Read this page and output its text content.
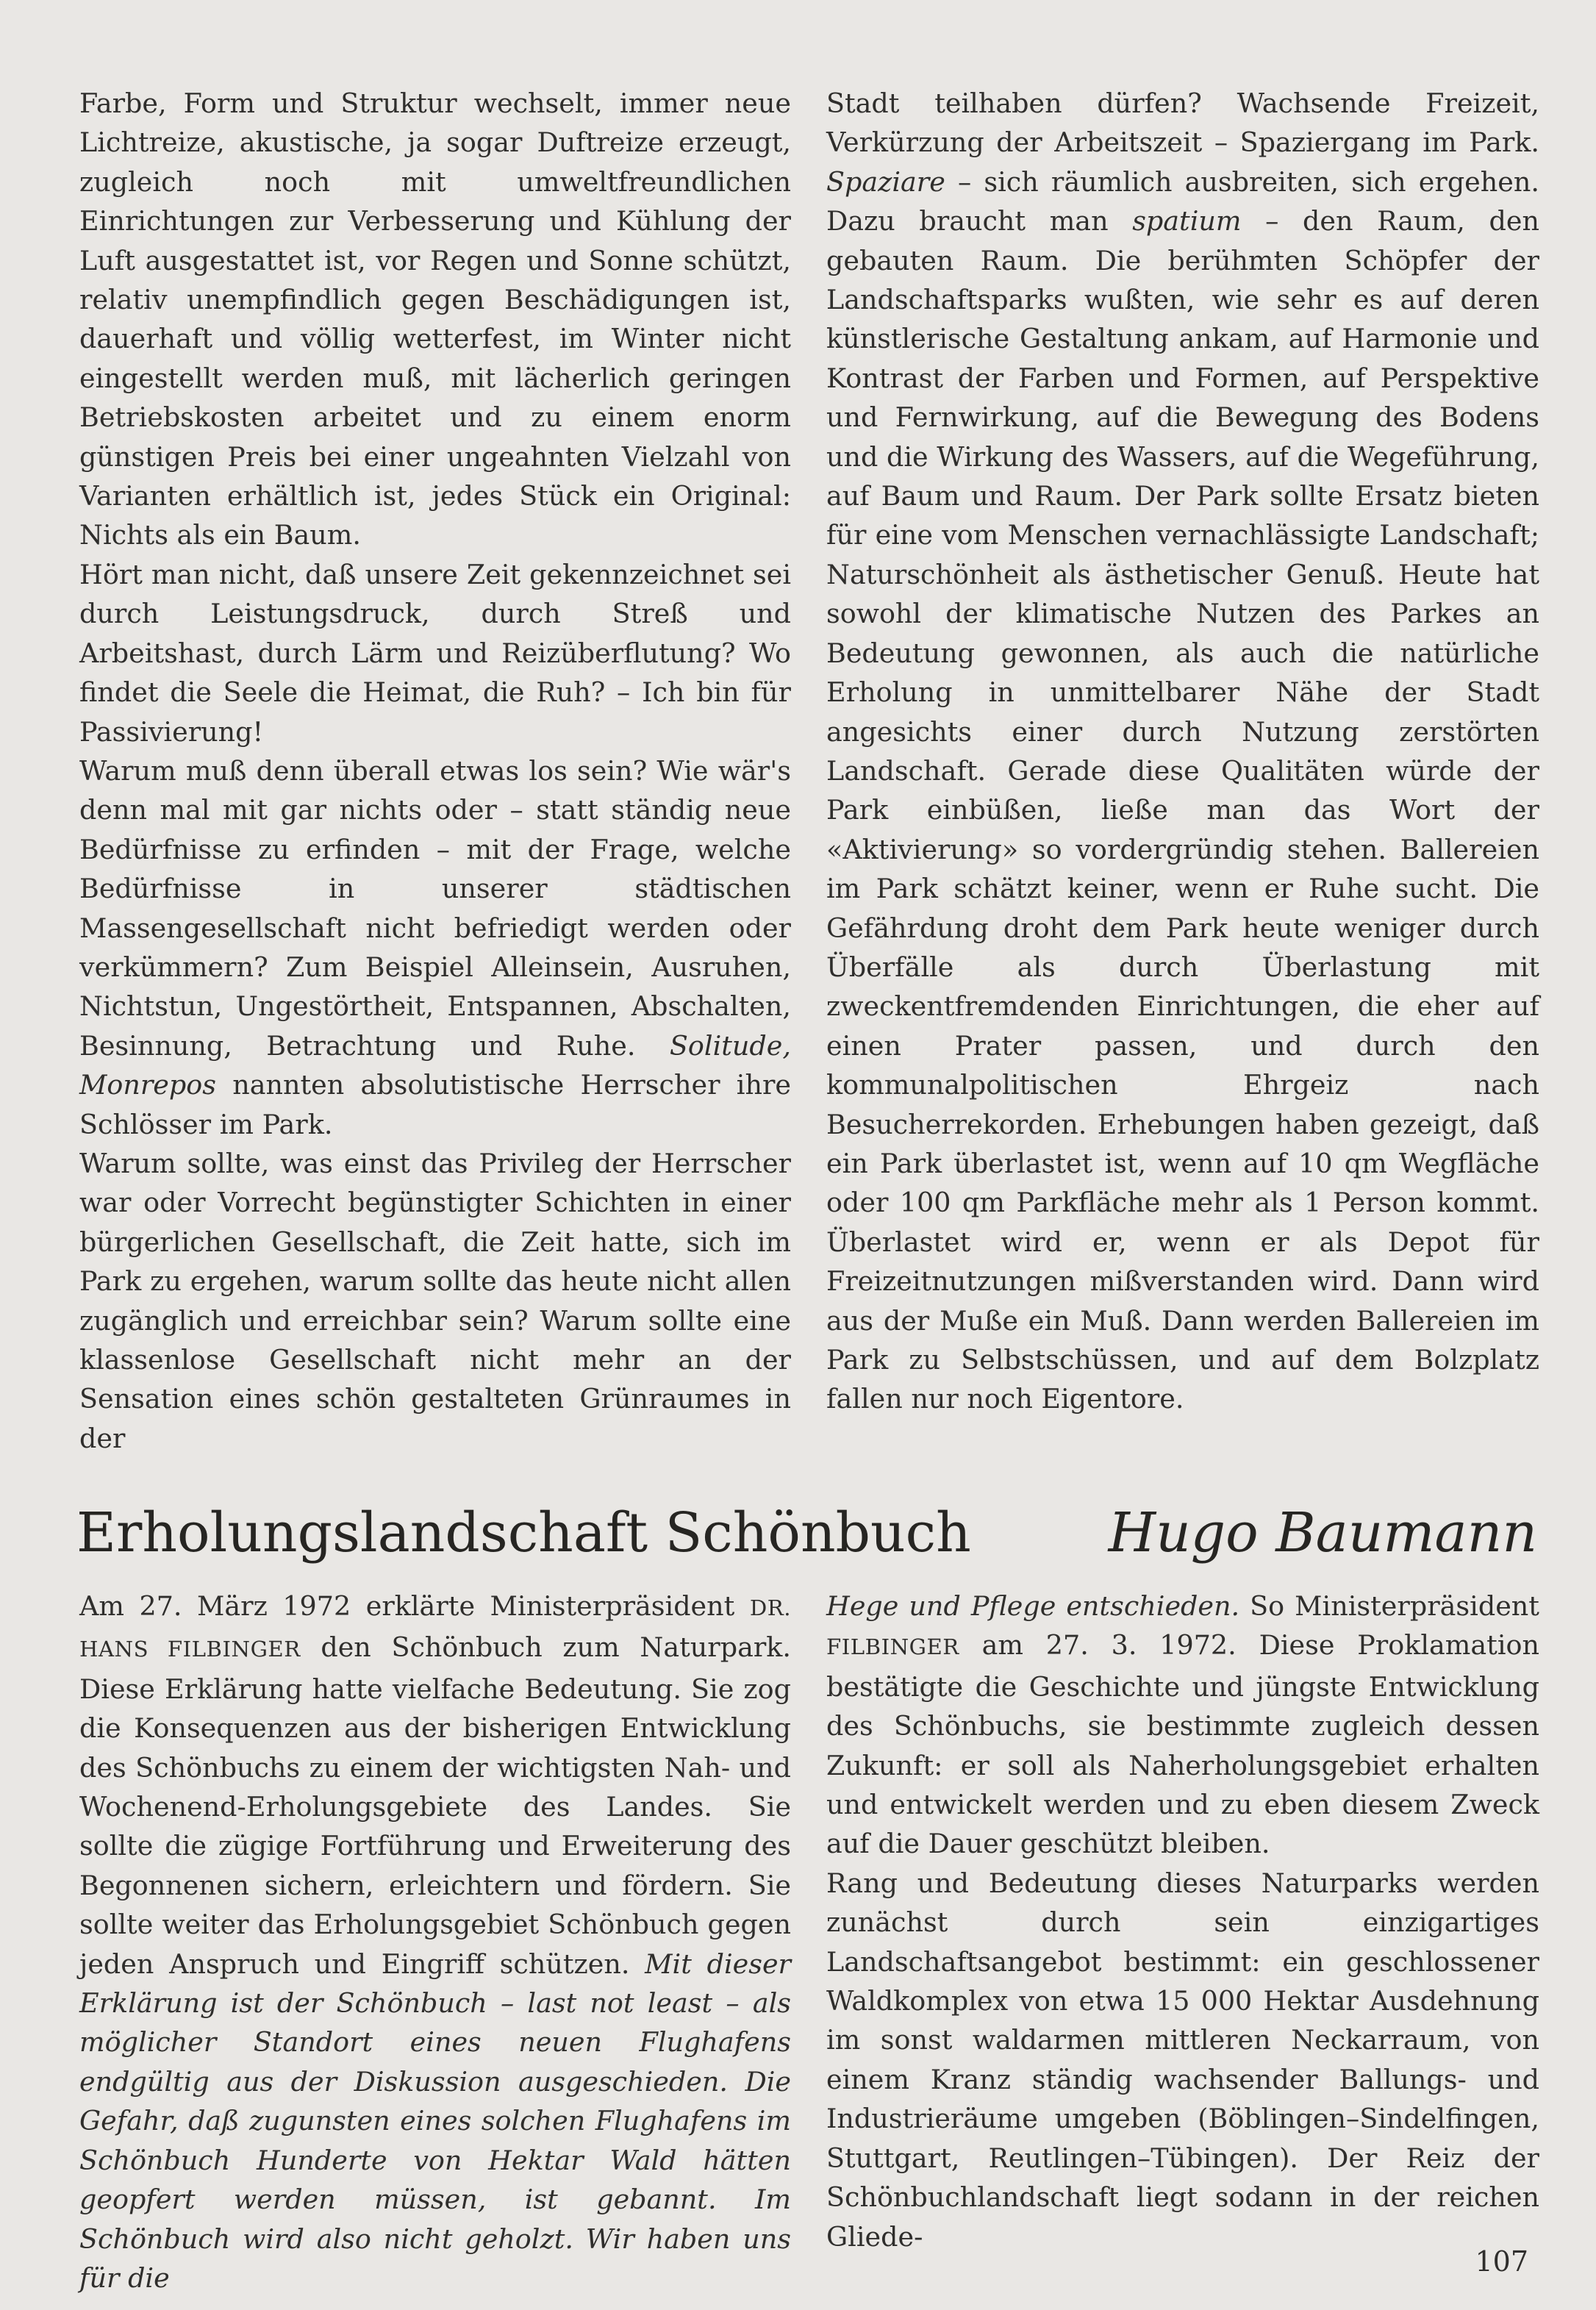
Farbe, Form und Struktur wechselt, immer neue Lichtreize, akustische, ja sogar Duftreize erzeugt, zugleich noch mit umweltfreundlichen Einrichtungen zur Verbesserung und Kühlung der Luft ausgestattet ist, vor Regen und Sonne schützt, relativ unempfindlich gegen Beschädigungen ist, dauerhaft und völlig wetterfest, im Winter nicht eingestellt werden muß, mit lächerlich geringen Betriebskosten arbeitet und zu einem enorm günstigen Preis bei einer ungeahnten Vielzahl von Varianten erhältlich ist, jedes Stück ein Original: Nichts als ein Baum.

Hört man nicht, daß unsere Zeit gekennzeichnet sei durch Leistungsdruck, durch Streß und Arbeitshast, durch Lärm und Reizüberflutung? Wo findet die Seele die Heimat, die Ruh? – Ich bin für Passivierung!

Warum muß denn überall etwas los sein? Wie wär's denn mal mit gar nichts oder – statt ständig neue Bedürfnisse zu erfinden – mit der Frage, welche Bedürfnisse in unserer städtischen Massengesellschaft nicht befriedigt werden oder verkümmern? Zum Beispiel Alleinsein, Ausruhen, Nichtstun, Ungestörtheit, Entspannen, Abschalten, Besinnung, Betrachtung und Ruhe. Solitude, Monrepos nannten absolutistische Herrscher ihre Schlösser im Park.

Warum sollte, was einst das Privileg der Herrscher war oder Vorrecht begünstigter Schichten in einer bürgerlichen Gesellschaft, die Zeit hatte, sich im Park zu ergehen, warum sollte das heute nicht allen zugänglich und erreichbar sein? Warum sollte eine klassenlose Gesellschaft nicht mehr an der Sensation eines schön gestalteten Grünraumes in der

Stadt teilhaben dürfen? Wachsende Freizeit, Verkürzung der Arbeitszeit – Spaziergang im Park. Spaziare – sich räumlich ausbreiten, sich ergehen. Dazu braucht man spatium – den Raum, den gebauten Raum. Die berühmten Schöpfer der Landschaftsparks wußten, wie sehr es auf deren künstlerische Gestaltung ankam, auf Harmonie und Kontrast der Farben und Formen, auf Perspektive und Fernwirkung, auf die Bewegung des Bodens und die Wirkung des Wassers, auf die Wegeführung, auf Baum und Raum. Der Park sollte Ersatz bieten für eine vom Menschen vernachlässigte Landschaft; Naturschönheit als ästhetischer Genuß. Heute hat sowohl der klimatische Nutzen des Parkes an Bedeutung gewonnen, als auch die natürliche Erholung in unmittelbarer Nähe der Stadt angesichts einer durch Nutzung zerstörten Landschaft. Gerade diese Qualitäten würde der Park einbüßen, ließe man das Wort der «Aktivierung» so vordergründig stehen. Ballereien im Park schätzt keiner, wenn er Ruhe sucht. Die Gefährdung droht dem Park heute weniger durch Überfälle als durch Überlastung mit zweckentfremdenden Einrichtungen, die eher auf einen Prater passen, und durch den kommunalpolitischen Ehrgeiz nach Besucherrekorden. Erhebungen haben gezeigt, daß ein Park überlastet ist, wenn auf 10 qm Wegfläche oder 100 qm Parkfläche mehr als 1 Person kommt. Überlastet wird er, wenn er als Depot für Freizeitnutzungen mißverstanden wird. Dann wird aus der Muße ein Muß. Dann werden Ballereien im Park zu Selbstschüssen, und auf dem Bolzplatz fallen nur noch Eigentore.

Erholungslandschaft Schönbuch	Hugo Baumann

Am 27. März 1972 erklärte Ministerpräsident DR. HANS FILBINGER den Schönbuch zum Naturpark. Diese Erklärung hatte vielfache Bedeutung. Sie zog die Konsequenzen aus der bisherigen Entwicklung des Schönbuchs zu einem der wichtigsten Nah- und Wochenend-Erholungsgebiete des Landes. Sie sollte die zügige Fortführung und Erweiterung des Begonnenen sichern, erleichtern und fördern. Sie sollte weiter das Erholungsgebiet Schönbuch gegen jeden Anspruch und Eingriff schützen. Mit dieser Erklärung ist der Schönbuch – last not least – als möglicher Standort eines neuen Flughafens endgültig aus der Diskussion ausgeschieden. Die Gefahr, daß zugunsten eines solchen Flughafens im Schönbuch Hunderte von Hektar Wald hätten geopfert werden müssen, ist gebannt. Im Schönbuch wird also nicht geholzt. Wir haben uns für die

Hege und Pflege entschieden. So Ministerpräsident FILBINGER am 27. 3. 1972. Diese Proklamation bestätigte die Geschichte und jüngste Entwicklung des Schönbuchs, sie bestimmte zugleich dessen Zukunft: er soll als Naherholungsgebiet erhalten und entwickelt werden und zu eben diesem Zweck auf die Dauer geschützt bleiben.

Rang und Bedeutung dieses Naturparks werden zunächst durch sein einzigartiges Landschaftsangebot bestimmt: ein geschlossener Waldkomplex von etwa 15 000 Hektar Ausdehnung im sonst waldarmen mittleren Neckarraum, von einem Kranz ständig wachsender Ballungs- und Industrieräume umgeben (Böblingen–Sindelfingen, Stuttgart, Reutlingen–Tübingen). Der Reiz der Schönbuchlandschaft liegt sodann in der reichen Gliede-

107
